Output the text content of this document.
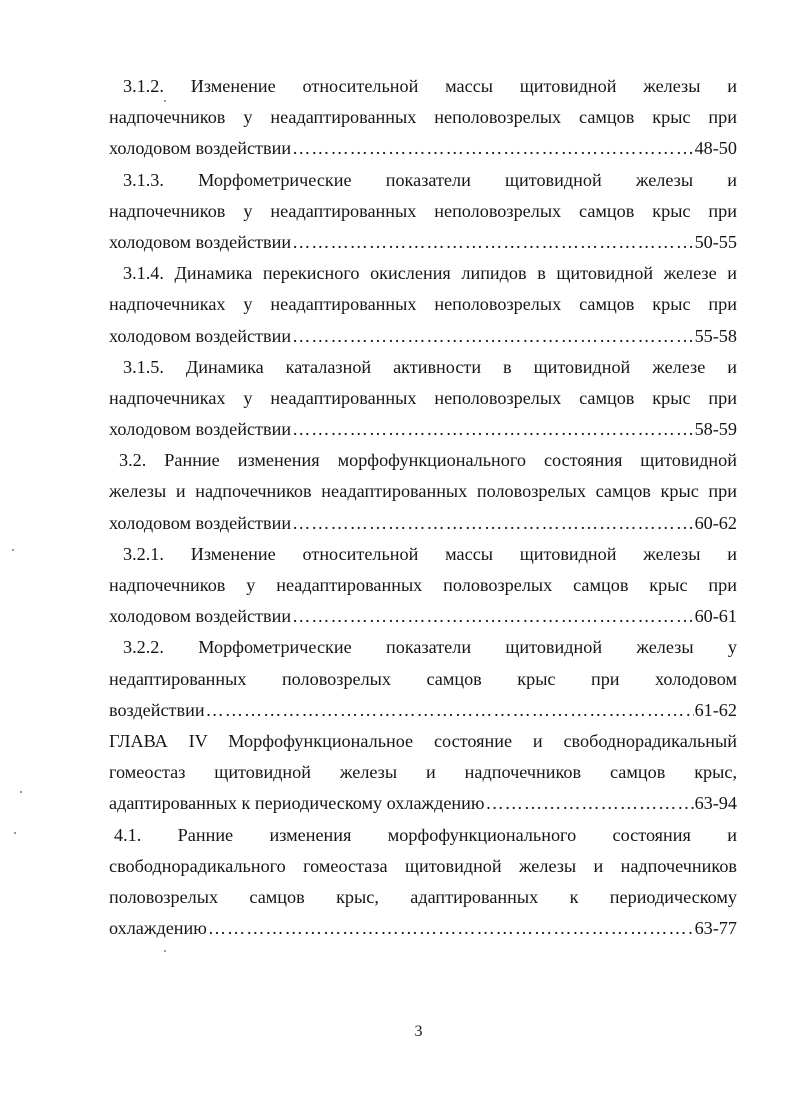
3.1.2. Изменение относительной массы щитовидной железы и
надпочечников у неадаптированных неполовозрелых самцов крыс при
холодовом воздействии ……………………………………………………………………………………………………………………………………………………………………………………………………………………………………	48-50
3.1.3. Морфометрические показатели щитовидной железы и
надпочечников у неадаптированных неполовозрелых самцов крыс при
холодовом воздействии ……………………………………………………………………………………………………………………………………………………………………………………………………………………………………	50-55
3.1.4. Динамика перекисного окисления липидов в щитовидной железе и
надпочечниках у неадаптированных неполовозрелых самцов крыс при
холодовом воздействии ……………………………………………………………………………………………………………………………………………………………………………………………………………………………………	55-58
3.1.5. Динамика каталазной активности в щитовидной железе и
надпочечниках у неадаптированных неполовозрелых самцов крыс при
холодовом воздействии ……………………………………………………………………………………………………………………………………………………………………………………………………………………………………	58-59
3.2. Ранние изменения морфофункционального состояния щитовидной
железы и надпочечников неадаптированных половозрелых самцов крыс при
холодовом воздействии ……………………………………………………………………………………………………………………………………………………………………………………………………………………………………	60-62
3.2.1. Изменение относительной массы щитовидной железы и
надпочечников у неадаптированных половозрелых самцов крыс при
холодовом воздействии ……………………………………………………………………………………………………………………………………………………………………………………………………………………………………	60-61
3.2.2. Морфометрические показатели щитовидной железы у
недаптированных половозрелых самцов крыс при холодовом
воздействии ……………………………………………………………………………………………………………………………………………………………………………………………………………………………………	61-62
ГЛАВА IV Морфофункциональное состояние и свободнорадикальный
гомеостаз щитовидной железы и надпочечников самцов крыс,
адаптированных к периодическому охлаждению ……………………………………………………………………………………………………………………………………………………………………………………………………………………………………	63-94
4.1. Ранние изменения морфофункционального состояния и
свободнорадикального гомеостаза щитовидной железы и надпочечников
половозрелых самцов крыс, адаптированных к периодическому
охлаждению ……………………………………………………………………………………………………………………………………………………………………………………………………………………………………	63-77
3
